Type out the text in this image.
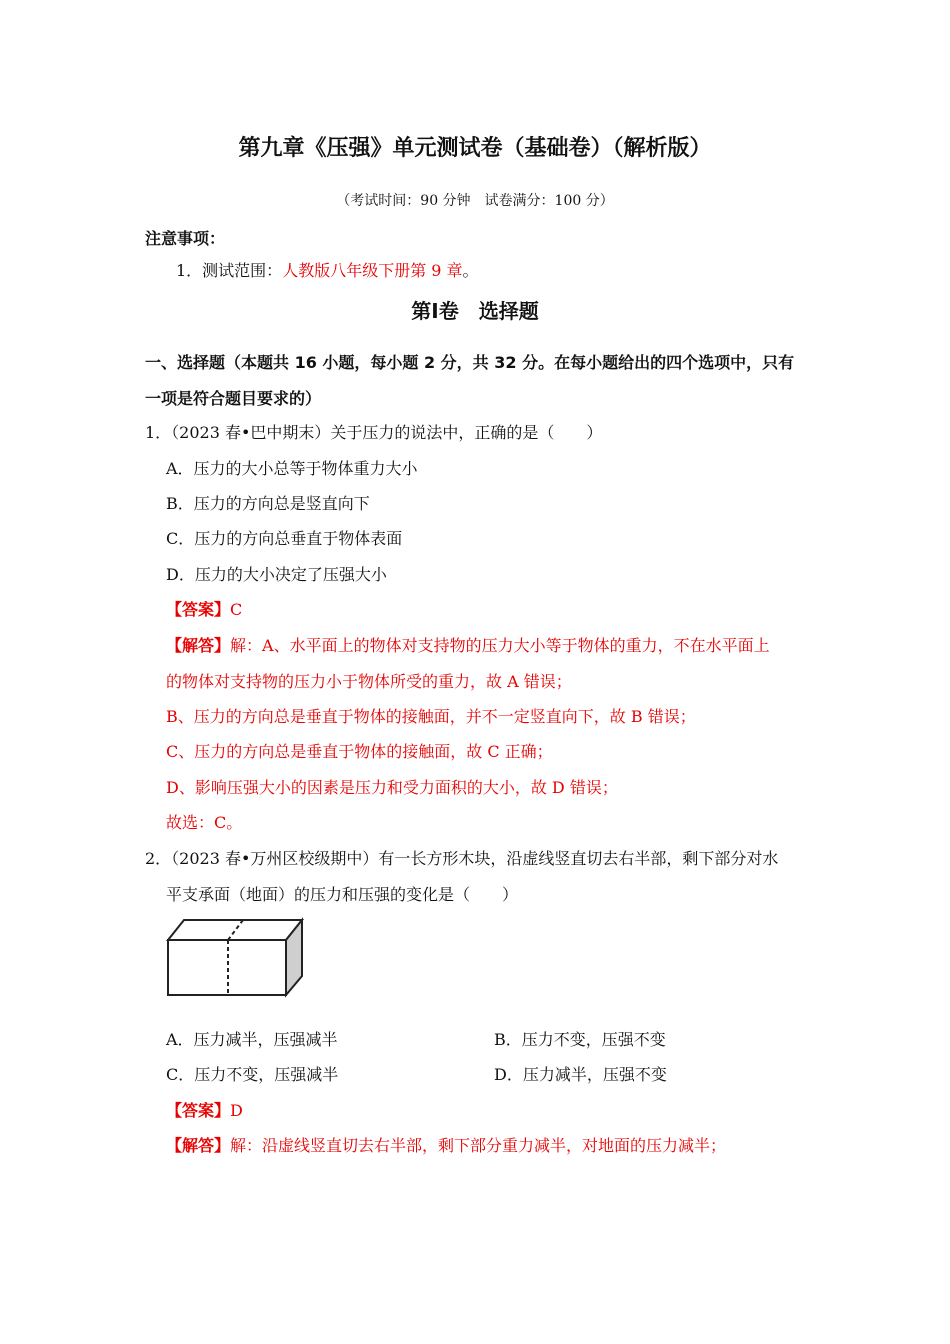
第九章《压强》单元测试卷（基础卷）（解析版）
（考试时间：90 分钟　试卷满分：100 分）
注意事项：
1．测试范围：人教版八年级下册第 9 章。
第Ⅰ卷　选择题
一、选择题（本题共 16 小题，每小题 2 分，共 32 分。在每小题给出的四个选项中，只有
一项是符合题目要求的）
1．（2023 春•巴中期末）关于压力的说法中，正确的是（　　）
A．压力的大小总等于物体重力大小
B．压力的方向总是竖直向下
C．压力的方向总垂直于物体表面
D．压力的大小决定了压强大小
【答案】C
【解答】解：A、水平面上的物体对支持物的压力大小等于物体的重力，不在水平面上
的物体对支持物的压力小于物体所受的重力，故 A 错误；
B、压力的方向总是垂直于物体的接触面，并不一定竖直向下，故 B 错误；
C、压力的方向总是垂直于物体的接触面，故 C 正确；
D、影响压强大小的因素是压力和受力面积的大小，故 D 错误；
故选：C。
2．（2023 春•万州区校级期中）有一长方形木块，沿虚线竖直切去右半部，剩下部分对水
平支承面（地面）的压力和压强的变化是（　　）
A．压力减半，压强减半	B．压力不变，压强不变
C．压力不变，压强减半	D．压力减半，压强不变
【答案】D
【解答】解：沿虚线竖直切去右半部，剩下部分重力减半，对地面的压力减半；
